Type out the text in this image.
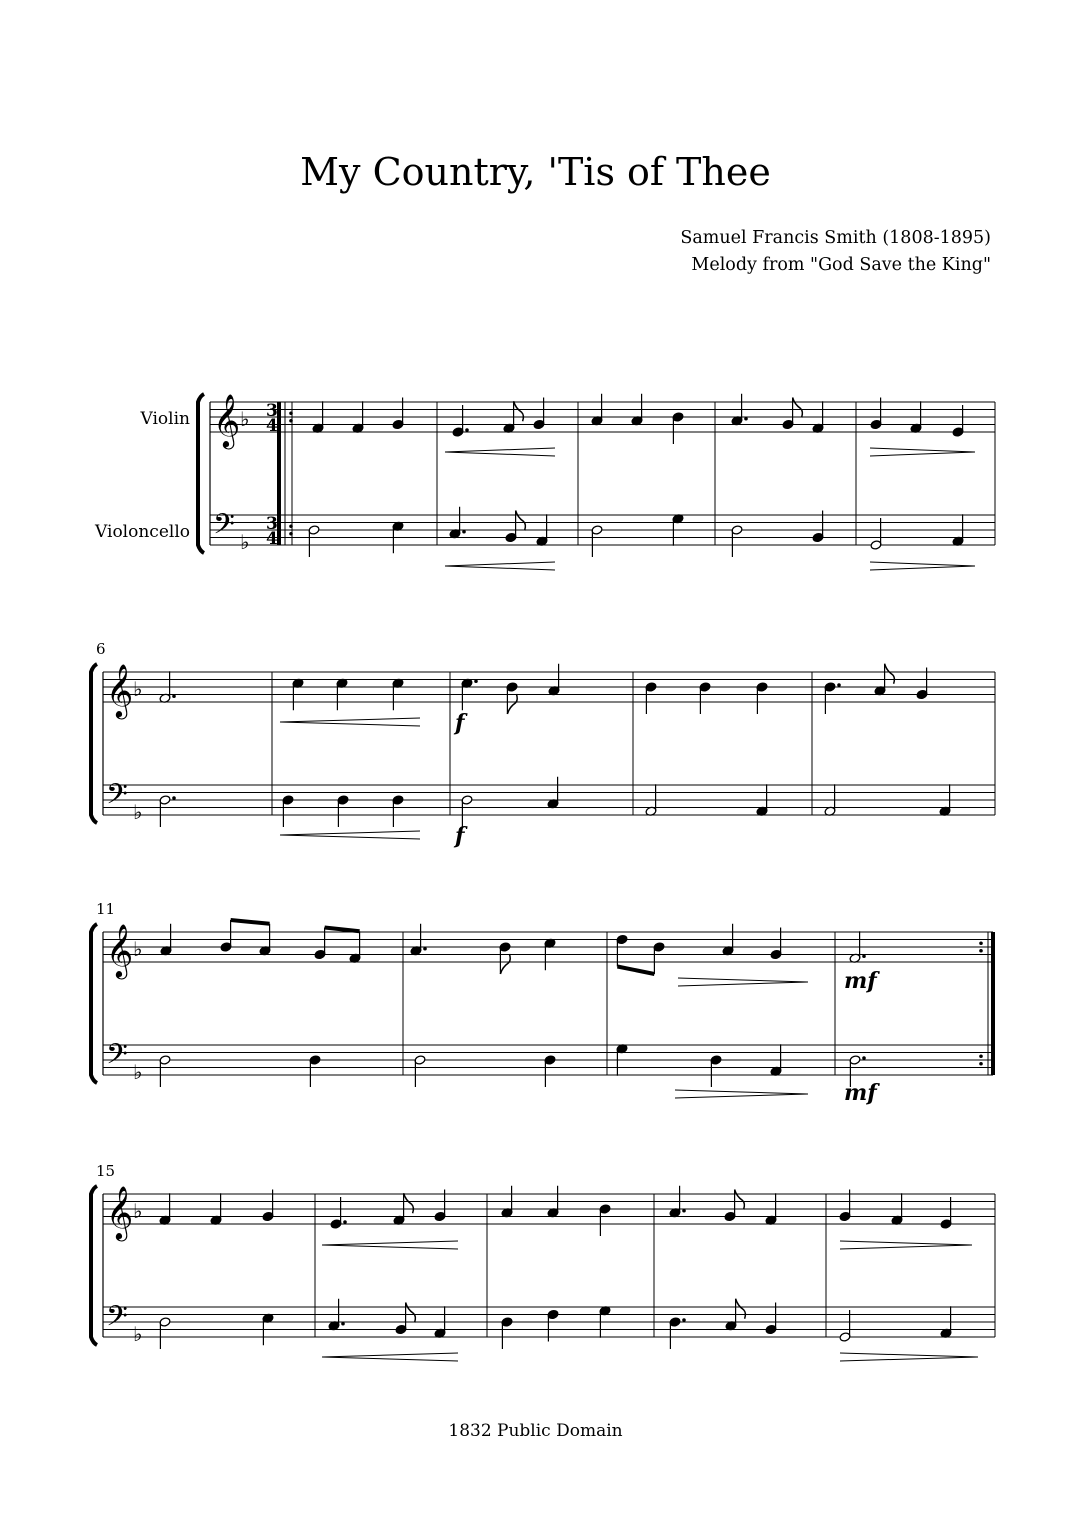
My Country, 'Tis of Thee
Samuel Francis Smith (1808-1895)
Melody from "God Save the King"
𝄞
𝄢
♭
♭
3
4
3
4
Violin
Violoncello
𝄞
𝄢
♭
♭
6
𝄞
𝄢
♭
♭
11
𝄞
𝄢
♭
♭
15
f
f
mf
mf
1832 Public Domain
